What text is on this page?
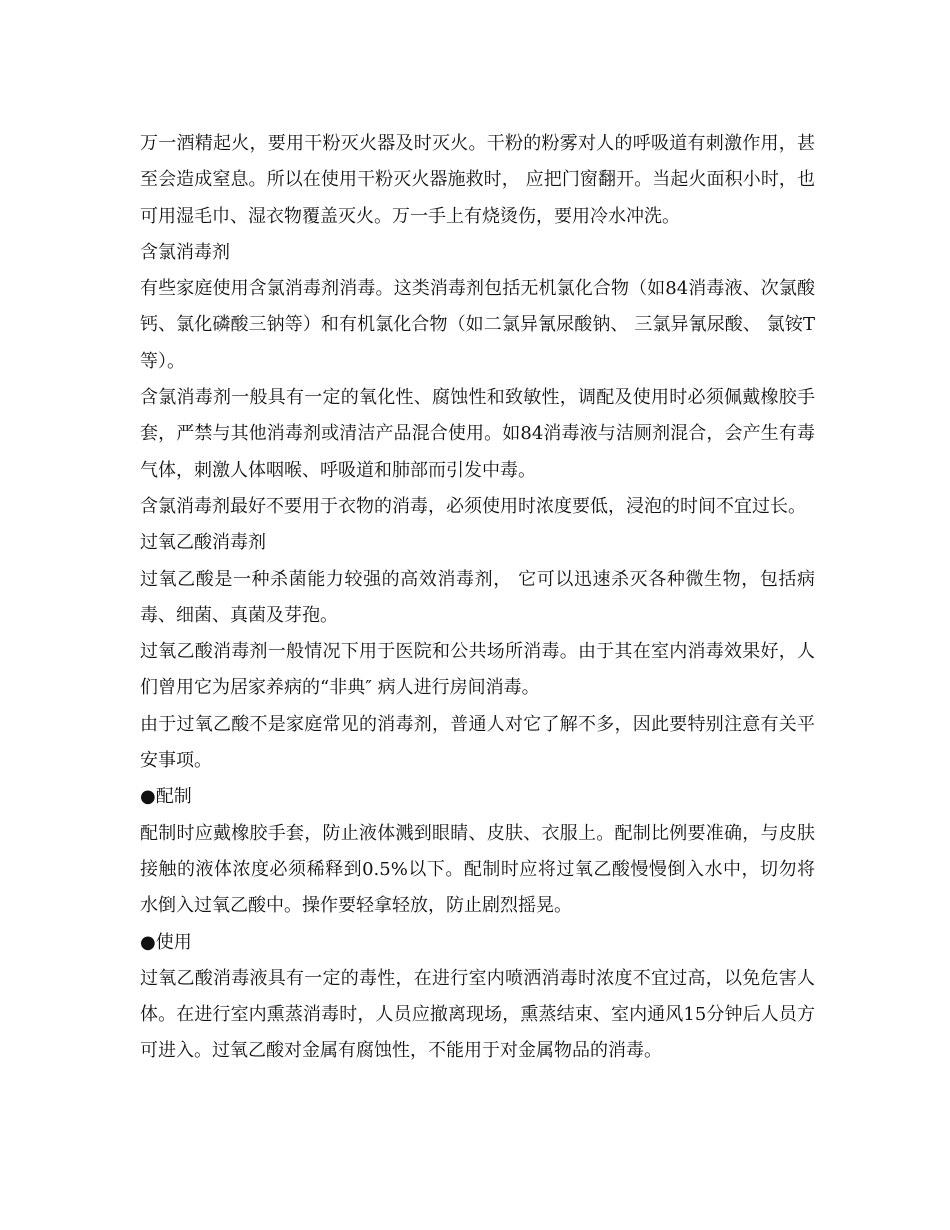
万一酒精起火，要用干粉灭火器及时灭火。干粉的粉雾对人的呼吸道有刺激作用，甚至会造成窒息。所以在使用干粉灭火器施救时， 应把门窗翻开。当起火面积小时，也可用湿毛巾、湿衣物覆盖灭火。万一手上有烧烫伤，要用冷水冲洗。

含氯消毒剂

有些家庭使用含氯消毒剂消毒。这类消毒剂包括无机氯化合物（如84消毒液、次氯酸钙、氯化磷酸三钠等）和有机氯化合物（如二氯异氰尿酸钠、 三氯异氰尿酸、 氯铵T等）。

含氯消毒剂一般具有一定的氧化性、腐蚀性和致敏性，调配及使用时必须佩戴橡胶手套，严禁与其他消毒剂或清洁产品混合使用。如84消毒液与洁厕剂混合，会产生有毒气体，刺激人体咽喉、呼吸道和肺部而引发中毒。

含氯消毒剂最好不要用于衣物的消毒，必须使用时浓度要低，浸泡的时间不宜过长。

过氧乙酸消毒剂

过氧乙酸是一种杀菌能力较强的高效消毒剂， 它可以迅速杀灭各种微生物，包括病毒、细菌、真菌及芽孢。

过氧乙酸消毒剂一般情况下用于医院和公共场所消毒。由于其在室内消毒效果好，人们曾用它为居家养病的“非典″ 病人进行房间消毒。

由于过氧乙酸不是家庭常见的消毒剂，普通人对它了解不多，因此要特别注意有关平安事项。

●配制

配制时应戴橡胶手套，防止液体溅到眼睛、皮肤、衣服上。配制比例要准确，与皮肤接触的液体浓度必须稀释到0.5%以下。配制时应将过氧乙酸慢慢倒入水中，切勿将水倒入过氧乙酸中。操作要轻拿轻放，防止剧烈摇晃。

●使用

过氧乙酸消毒液具有一定的毒性，在进行室内喷洒消毒时浓度不宜过高，以免危害人体。在进行室内熏蒸消毒时，人员应撤离现场，熏蒸结束、室内通风15分钟后人员方可进入。过氧乙酸对金属有腐蚀性，不能用于对金属物品的消毒。
